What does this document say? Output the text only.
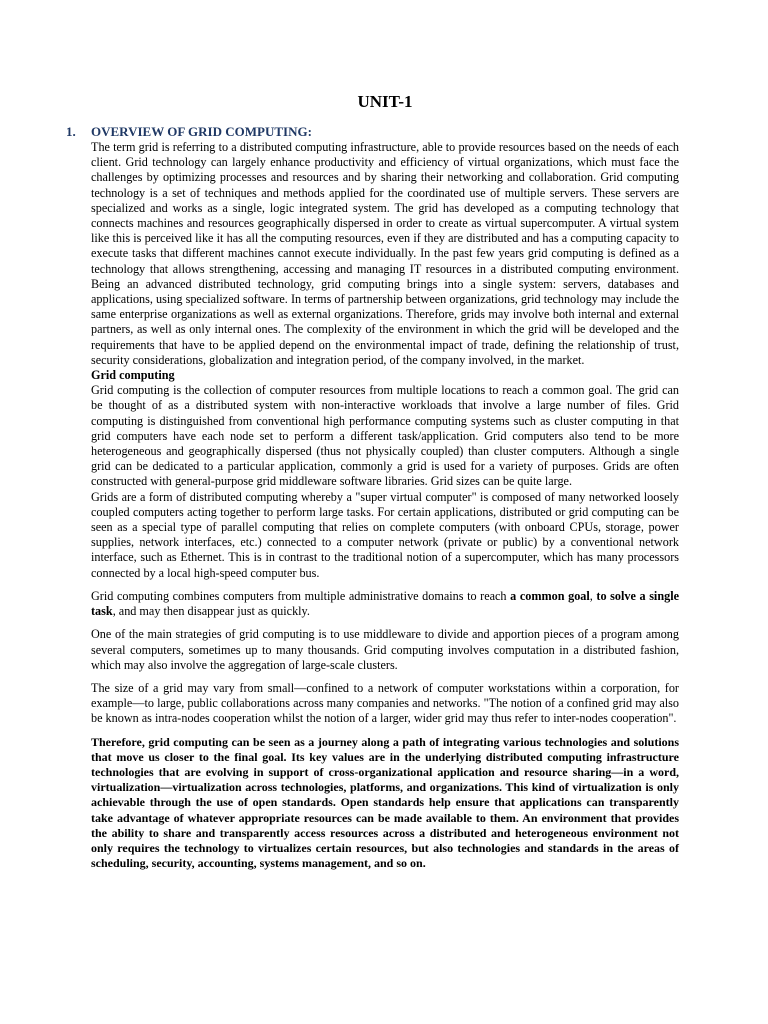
UNIT-1
1. OVERVIEW OF GRID COMPUTING:

The term grid is referring to a distributed computing infrastructure, able to provide resources based on the needs of each client. Grid technology can largely enhance productivity and efficiency of virtual organizations, which must face the challenges by optimizing processes and resources and by sharing their networking and collaboration. Grid computing technology is a set of techniques and methods applied for the coordinated use of multiple servers. These servers are specialized and works as a single, logic integrated system. The grid has developed as a computing technology that connects machines and resources geographically dispersed in order to create as virtual supercomputer. A virtual system like this is perceived like it has all the computing resources, even if they are distributed and has a computing capacity to execute tasks that different machines cannot execute individually. In the past few years grid computing is defined as a technology that allows strengthening, accessing and managing IT resources in a distributed computing environment. Being an advanced distributed technology, grid computing brings into a single system: servers, databases and applications, using specialized software. In terms of partnership between organizations, grid technology may include the same enterprise organizations as well as external organizations. Therefore, grids may involve both internal and external partners, as well as only internal ones. The complexity of the environment in which the grid will be developed and the requirements that have to be applied depend on the environmental impact of trade, defining the relationship of trust, security considerations, globalization and integration period, of the company involved, in the market.

Grid computing

Grid computing is the collection of computer resources from multiple locations to reach a common goal. The grid can be thought of as a distributed system with non-interactive workloads that involve a large number of files. Grid computing is distinguished from conventional high performance computing systems such as cluster computing in that grid computers have each node set to perform a different task/application. Grid computers also tend to be more heterogeneous and geographically dispersed (thus not physically coupled) than cluster computers. Although a single grid can be dedicated to a particular application, commonly a grid is used for a variety of purposes. Grids are often constructed with general-purpose grid middleware software libraries. Grid sizes can be quite large.

Grids are a form of distributed computing whereby a "super virtual computer" is composed of many networked loosely coupled computers acting together to perform large tasks. For certain applications, distributed or grid computing can be seen as a special type of parallel computing that relies on complete computers (with onboard CPUs, storage, power supplies, network interfaces, etc.) connected to a computer network (private or public) by a conventional network interface, such as Ethernet. This is in contrast to the traditional notion of a supercomputer, which has many processors connected by a local high-speed computer bus.

Grid computing combines computers from multiple administrative domains to reach a common goal, to solve a single task, and may then disappear just as quickly.

One of the main strategies of grid computing is to use middleware to divide and apportion pieces of a program among several computers, sometimes up to many thousands. Grid computing involves computation in a distributed fashion, which may also involve the aggregation of large-scale clusters.

The size of a grid may vary from small—confined to a network of computer workstations within a corporation, for example—to large, public collaborations across many companies and networks. "The notion of a confined grid may also be known as intra-nodes cooperation whilst the notion of a larger, wider grid may thus refer to inter-nodes cooperation".

Therefore, grid computing can be seen as a journey along a path of integrating various technologies and solutions that move us closer to the final goal. Its key values are in the underlying distributed computing infrastructure technologies that are evolving in support of cross-organizational application and resource sharing—in a word, virtualization—virtualization across technologies, platforms, and organizations. This kind of virtualization is only achievable through the use of open standards. Open standards help ensure that applications can transparently take advantage of whatever appropriate resources can be made available to them. An environment that provides the ability to share and transparently access resources across a distributed and heterogeneous environment not only requires the technology to virtualizes certain resources, but also technologies and standards in the areas of scheduling, security, accounting, systems management, and so on.
